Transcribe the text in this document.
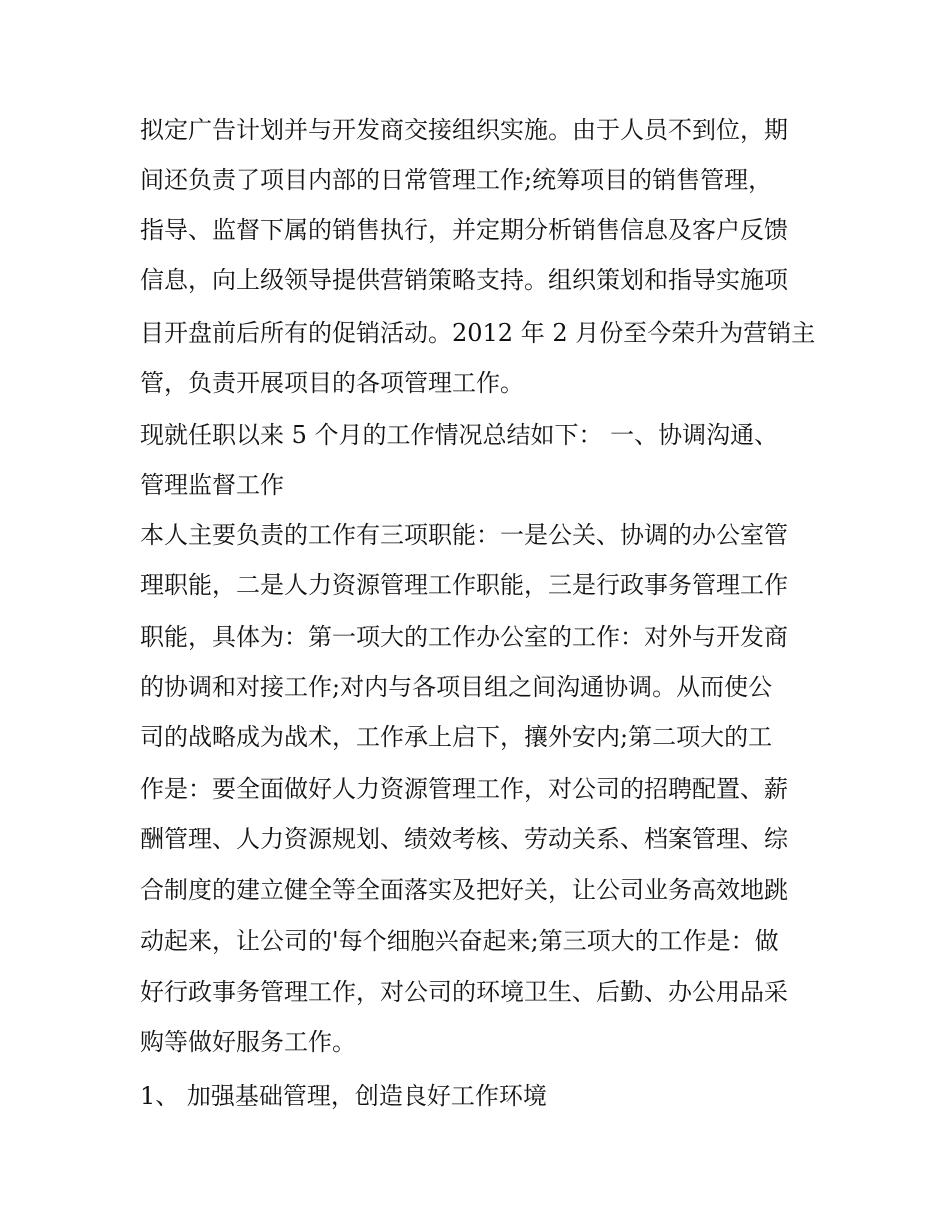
拟定广告计划并与开发商交接组织实施。由于人员不到位，期
间还负责了项目内部的日常管理工作;统筹项目的销售管理，
指导、监督下属的销售执行，并定期分析销售信息及客户反馈
信息，向上级领导提供营销策略支持。组织策划和指导实施项
目开盘前后所有的促销活动。2012 年 2 月份至今荣升为营销主
管，负责开展项目的各项管理工作。
现就任职以来 5 个月的工作情况总结如下： 一、协调沟通、
管理监督工作
本人主要负责的工作有三项职能：一是公关、协调的办公室管
理职能，二是人力资源管理工作职能，三是行政事务管理工作
职能，具体为：第一项大的工作办公室的工作：对外与开发商
的协调和对接工作;对内与各项目组之间沟通协调。从而使公
司的战略成为战术，工作承上启下，攘外安内;第二项大的工
作是：要全面做好人力资源管理工作，对公司的招聘配置、薪
酬管理、人力资源规划、绩效考核、劳动关系、档案管理、综
合制度的建立健全等全面落实及把好关，让公司业务高效地跳
动起来，让公司的'每个细胞兴奋起来;第三项大的工作是：做
好行政事务管理工作，对公司的环境卫生、后勤、办公用品采
购等做好服务工作。
1、 加强基础管理，创造良好工作环境
